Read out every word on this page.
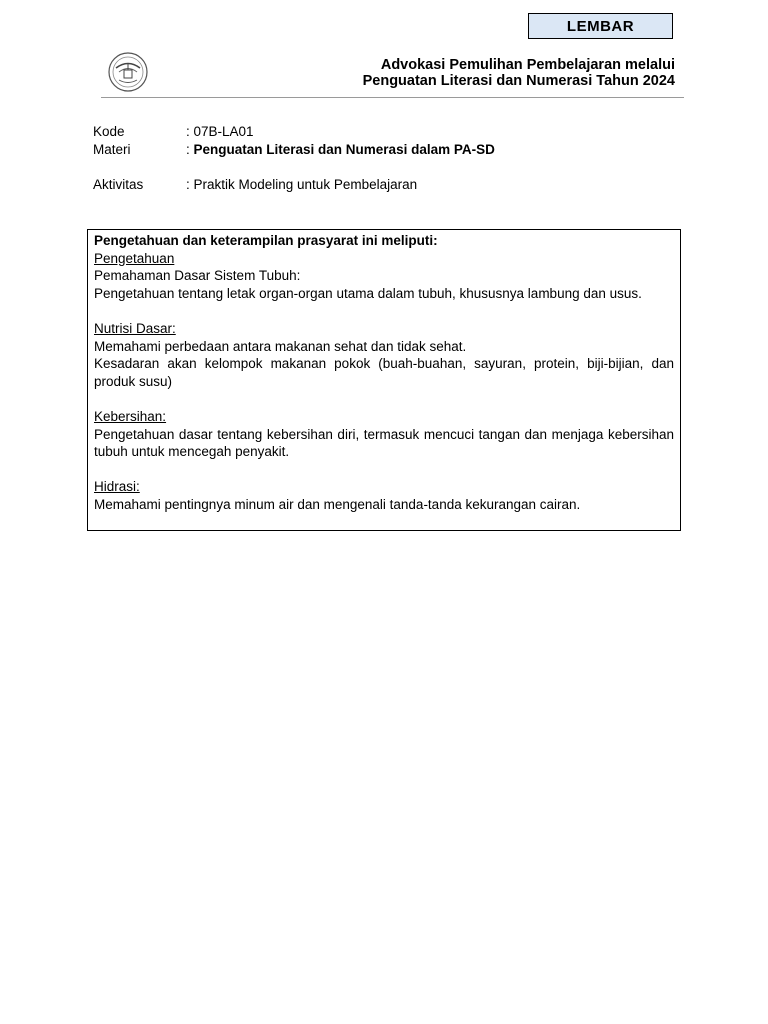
LEMBAR
Advokasi Pemulihan Pembelajaran melalui
Penguatan Literasi dan Numerasi Tahun 2024
Kode	: 07B-LA01
Materi	: Penguatan Literasi dan Numerasi dalam PA-SD
Aktivitas	: Praktik Modeling untuk Pembelajaran

Pengetahuan dan keterampilan prasyarat ini meliputi:

Pengetahuan

Pemahaman Dasar Sistem Tubuh:

Pengetahuan tentang letak organ-organ utama dalam tubuh, khususnya lambung dan usus.

Nutrisi Dasar:

Memahami perbedaan antara makanan sehat dan tidak sehat.

Kesadaran akan kelompok makanan pokok (buah-buahan, sayuran, protein, biji-bijian, dan produk susu)

Kebersihan:

Pengetahuan dasar tentang kebersihan diri, termasuk mencuci tangan dan menjaga kebersihan tubuh untuk mencegah penyakit.

Hidrasi:

Memahami pentingnya minum air dan mengenali tanda-tanda kekurangan cairan.
